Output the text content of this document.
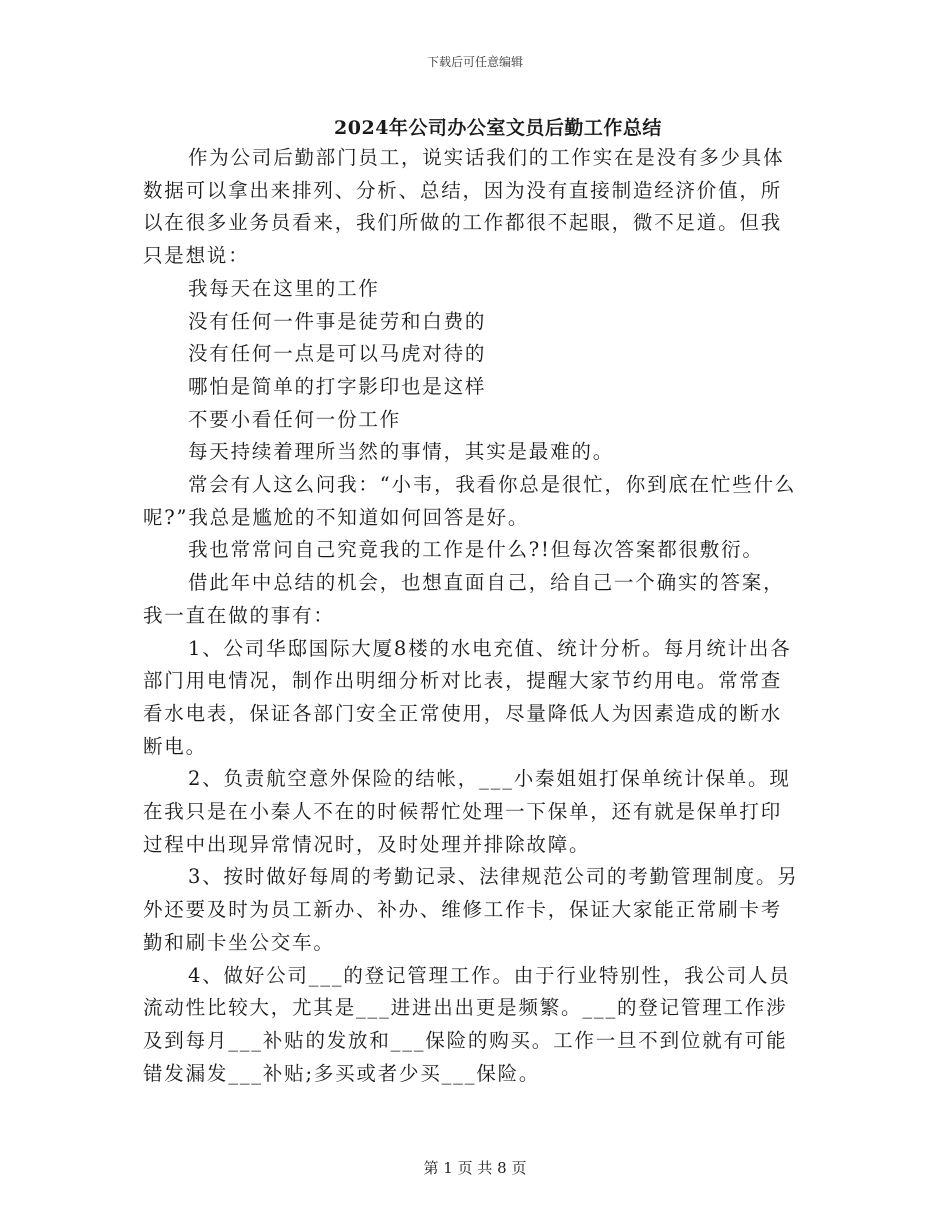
下载后可任意编辑
2024年公司办公室文员后勤工作总结

作为公司后勤部门员工，说实话我们的工作实在是没有多少具体数据可以拿出来排列、分析、总结，因为没有直接制造经济价值，所以在很多业务员看来，我们所做的工作都很不起眼，微不足道。但我只是想说：

我每天在这里的工作

没有任何一件事是徒劳和白费的

没有任何一点是可以马虎对待的

哪怕是简单的打字影印也是这样

不要小看任何一份工作

每天持续着理所当然的事情，其实是最难的。

常会有人这么问我：“小韦，我看你总是很忙，你到底在忙些什么呢?”我总是尴尬的不知道如何回答是好。

我也常常问自己究竟我的工作是什么?!但每次答案都很敷衍。

借此年中总结的机会，也想直面自己，给自己一个确实的答案，我一直在做的事有：

1、公司华邸国际大厦8楼的水电充值、统计分析。每月统计出各部门用电情况，制作出明细分析对比表，提醒大家节约用电。常常查看水电表，保证各部门安全正常使用，尽量降低人为因素造成的断水断电。

2、负责航空意外保险的结帐，___小秦姐姐打保单统计保单。现在我只是在小秦人不在的时候帮忙处理一下保单，还有就是保单打印过程中出现异常情况时，及时处理并排除故障。

3、按时做好每周的考勤记录、法律规范公司的考勤管理制度。另外还要及时为员工新办、补办、维修工作卡，保证大家能正常刷卡考勤和刷卡坐公交车。

4、做好公司___的登记管理工作。由于行业特别性，我公司人员流动性比较大，尤其是___进进出出更是频繁。___的登记管理工作涉及到每月___补贴的发放和___保险的购买。工作一旦不到位就有可能错发漏发___补贴;多买或者少买___保险。

第 1 页 共 8 页
